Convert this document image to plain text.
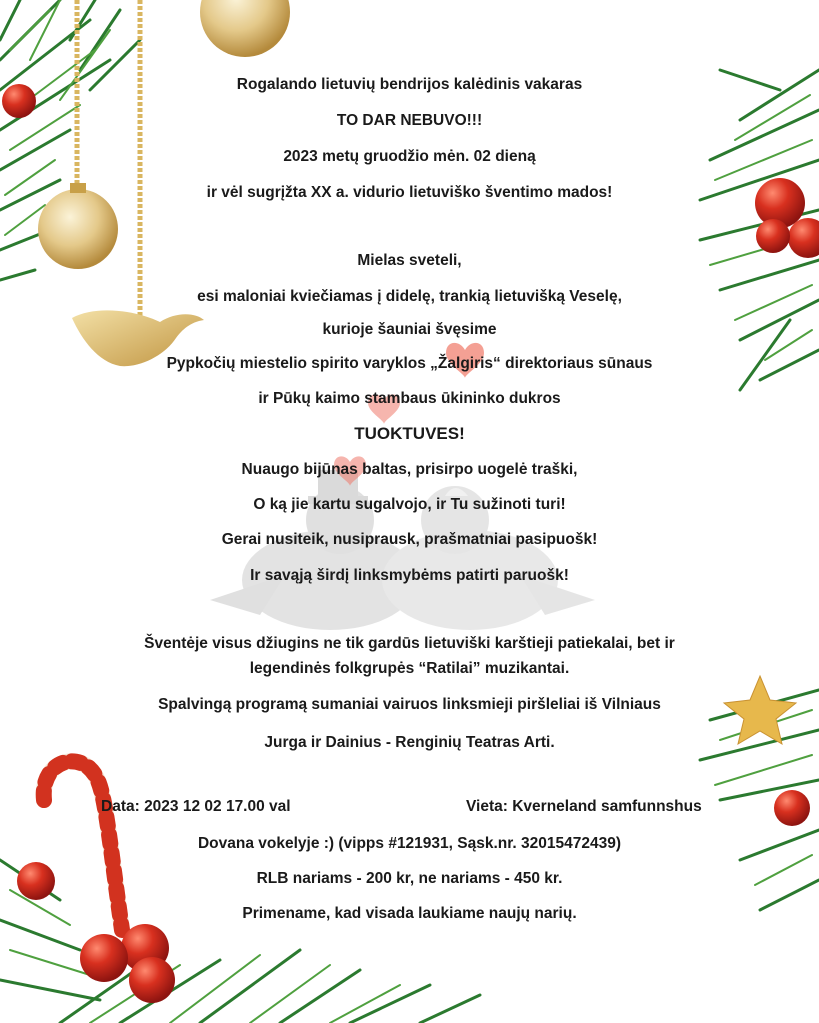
Rogalando lietuvių bendrijos kalėdinis vakaras
TO DAR NEBUVO!!!
2023 metų gruodžio mėn. 02 dieną
ir vėl sugrįžta XX a. vidurio lietuviško šventimo mados!
Mielas sveteli,
esi maloniai kviečiamas į didelę, trankią lietuvišką Veselę,
kurioje šauniai švęsime
Pypkočių miestelio spirito varyklos „Žalgiris“ direktoriaus sūnaus
ir Pūkų kaimo stambaus ūkininko dukros
TUOKTUVES!
Nuaugo bijūnas baltas, prisirpo uogelė traški,
O ką jie kartu sugalvojo, ir Tu sužinoti turi!
Gerai nusiteik, nusiprausk, prašmatniai pasipuošk!
Ir savąją širdį linksmybėms patirti paruošk!
Šventėje visus džiugins ne tik gardūs lietuviški karštieji patiekalai, bet ir
legendinės folkgrupės “Ratilai” muzikantai.
Spalvingą programą sumaniai vairuos linksmieji piršleliai iš Vilniaus
Jurga ir Dainius - Renginių Teatras Arti.
Data: 2023 12 02 17.00 val	Vieta: Kverneland samfunnshus
Dovana vokelyje :) (vipps #121931, Sąsk.nr. 32015472439)
RLB nariams - 200 kr, ne nariams - 450 kr.
Primename, kad visada laukiame naujų narių.
